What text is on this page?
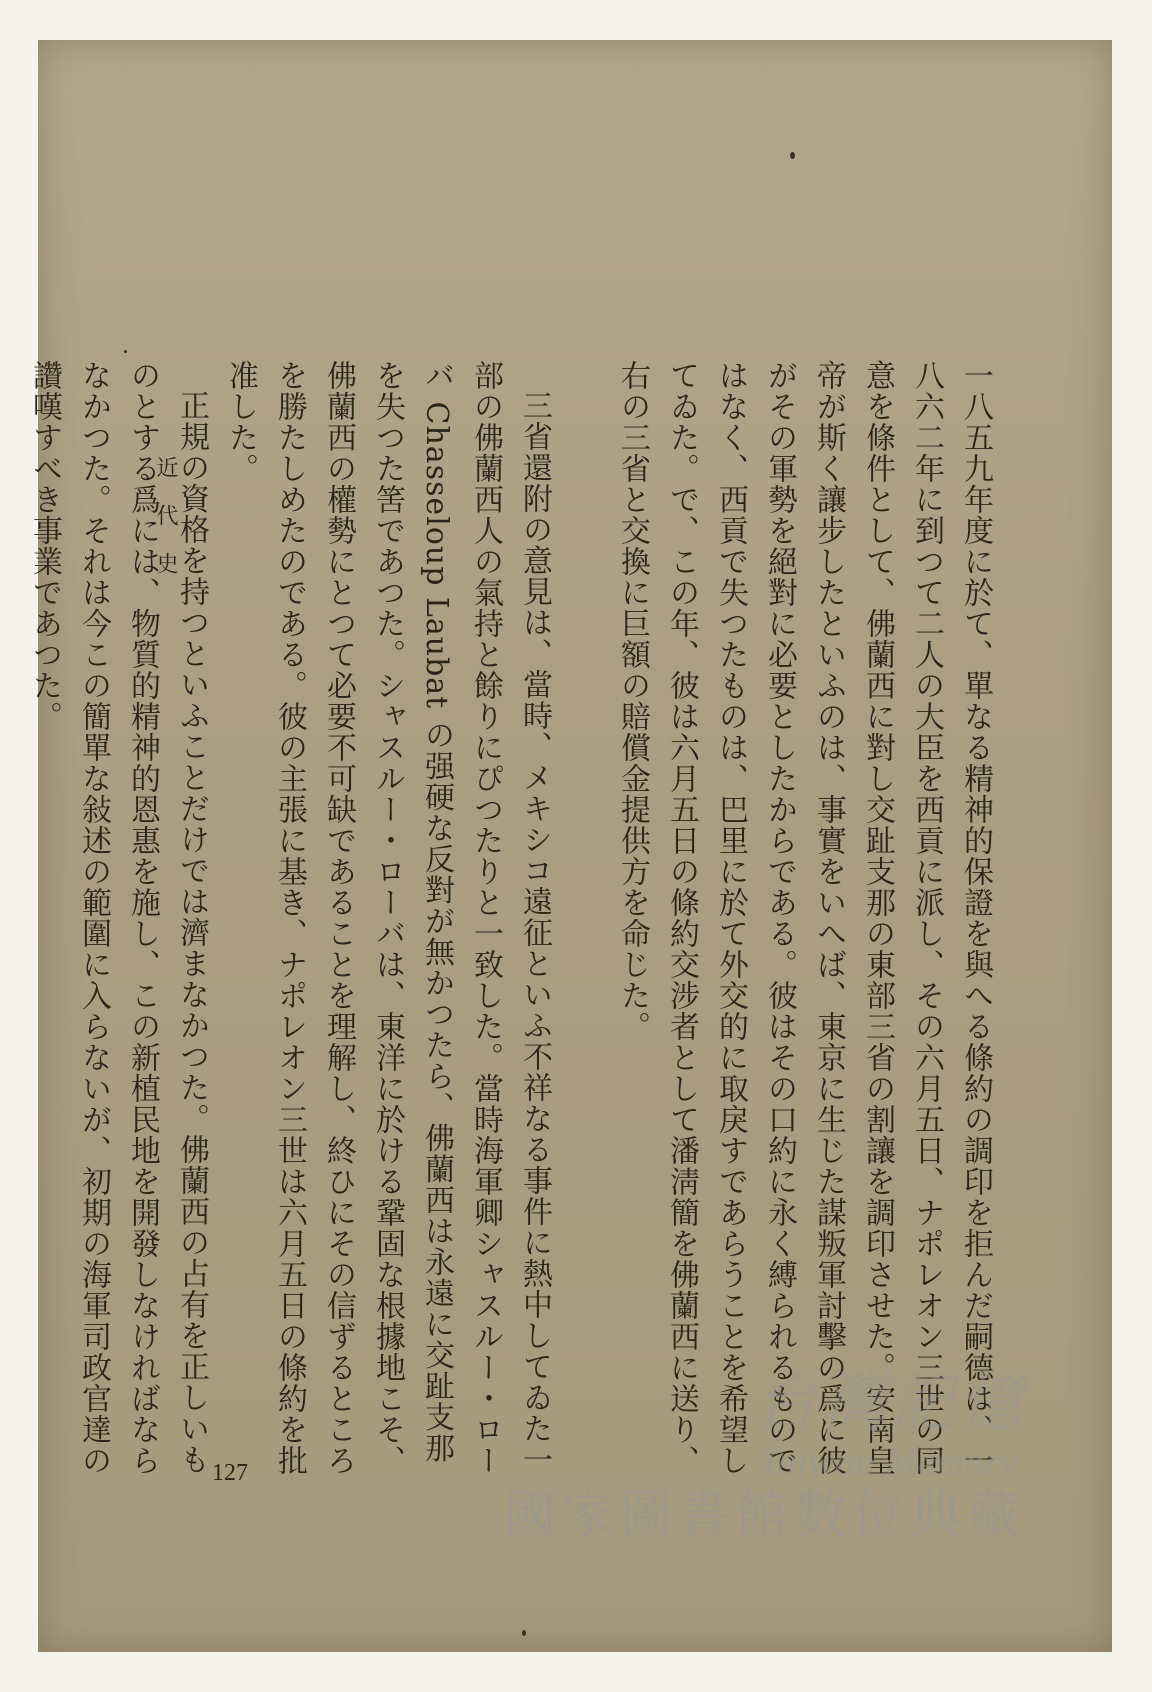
一八五九年度に於て、單なる精神的保證を與へる條約の調印を拒んだ嗣德は、一八六二年に到つて二人の大臣を西貢に派し、その六月五日、ナポレオン三世の同意を條件として、佛蘭西に對し交趾支那の東部三省の割讓を調印させた。安南皇帝が斯く讓步したといふのは、事實をいへば、東京に生じた謀叛軍討擊の爲に彼がその軍勢を絕對に必要としたからである。彼はその口約に永く縛られるものではなく、西貢で失つたものは、巴里に於て外交的に取戾すであらうことを希望してゐた。で、この年、彼は六月五日の條約交涉者として潘淸簡を佛蘭西に送り、右の三省と交換に巨額の賠償金提供方を命じた。

三省還附の意見は、當時、メキシコ遠征といふ不祥なる事件に熱中してゐた一部の佛蘭西人の氣持と餘りにぴつたりと一致した。當時海軍卿シャスルー・ローバ Chasseloup Laubat の强硬な反對が無かつたら、佛蘭西は永遠に交趾支那を失つた筈であつた。シャスルー・ローバは、東洋に於ける鞏固な根據地こそ、佛蘭西の權勢にとつて必要不可缺であることを理解し、終ひにその信ずるところを勝たしめたのである。彼の主張に基き、ナポレオン三世は六月五日の條約を批准した。

正規の資格を持つといふことだけでは濟まなかつた。佛蘭西の占有を正しいものとする爲には、物質的精神的恩惠を施し、この新植民地を開發しなければならなかつた。それは今この簡單な敍述の範圍に入らないが、初期の海軍司政官達の讚嘆すべき事業であつた。	近代史
127
台灣記憶
Taiwan Memory
國家圖書館數位典藏
